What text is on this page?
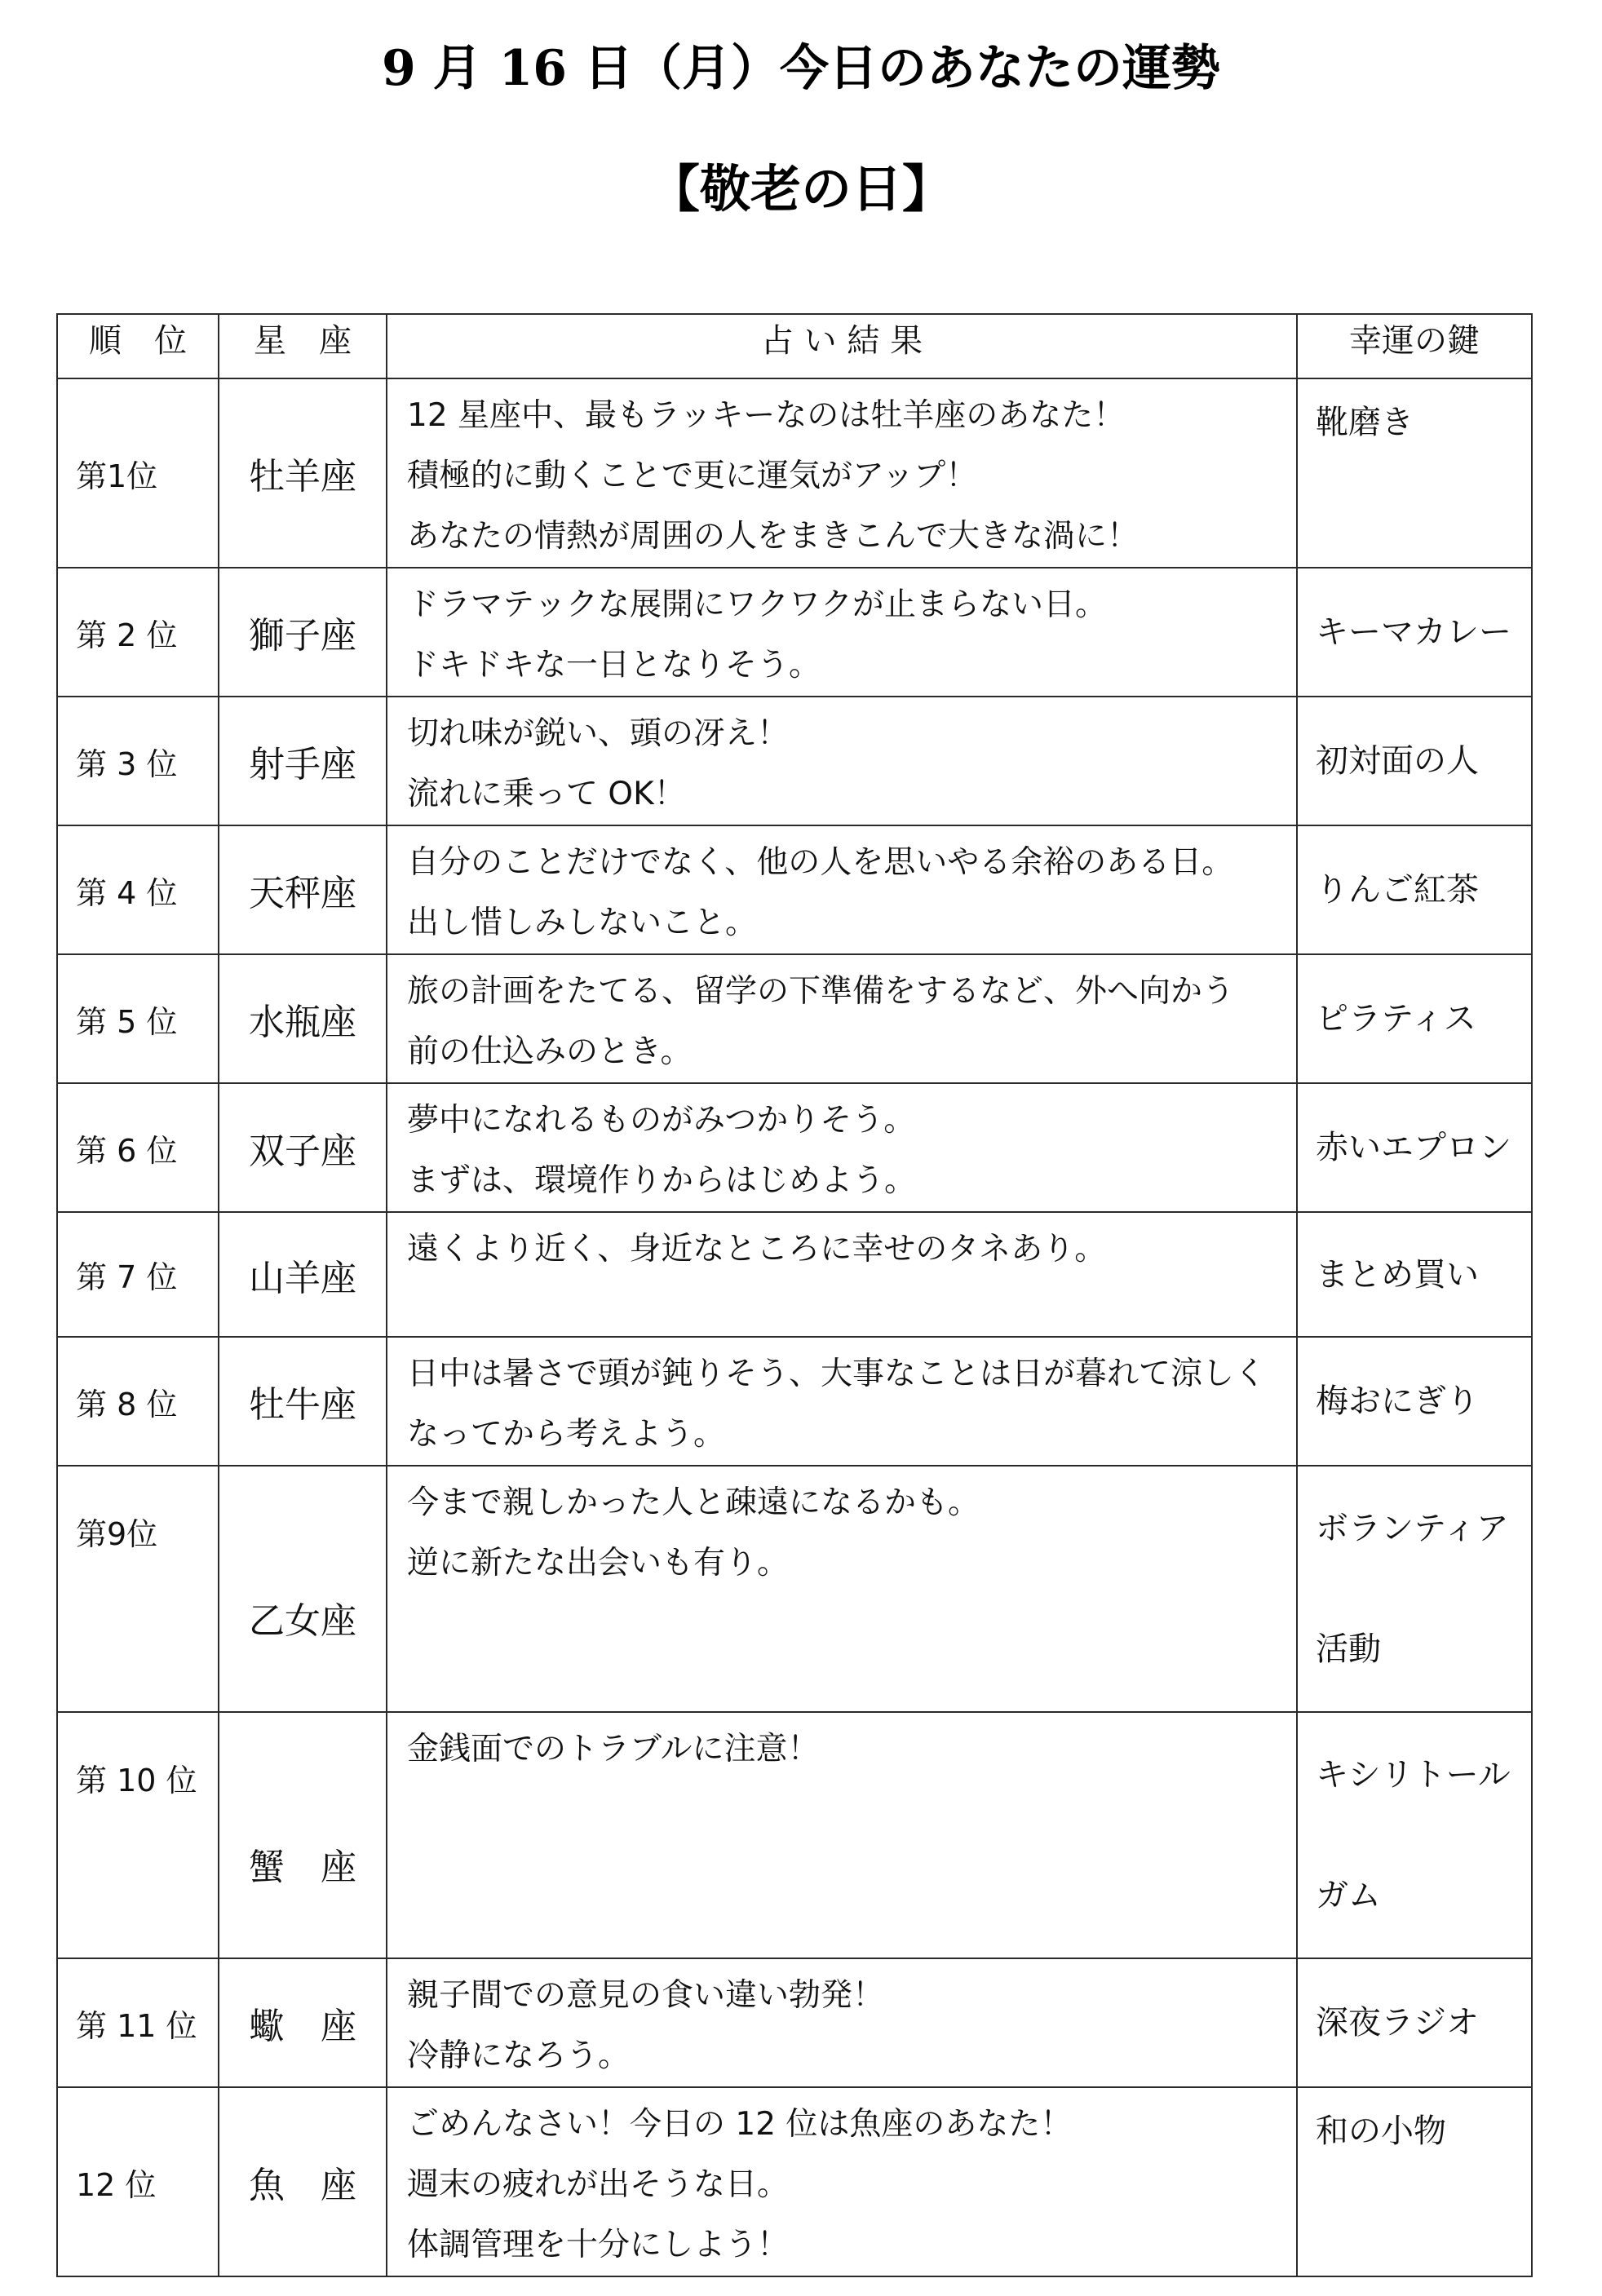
9 月 16 日（月）今日のあなたの運勢
【敬老の日】
順　位	星　座	占 い 結 果	幸運の鍵
第1位	牡羊座	12 星座中、最もラッキーなのは牡羊座のあなた！
積極的に動くことで更に運気がアップ！
あなたの情熱が周囲の人をまきこんで大きな渦に！	靴磨き

第 2 位	獅子座	ドラマテックな展開にワクワクが止まらない日。
ドキドキな一日となりそう。	キーマカレー

第 3 位	射手座	切れ味が鋭い、頭の冴え！
流れに乗って OK！	初対面の人

第 4 位	天秤座	自分のことだけでなく、他の人を思いやる余裕のある日。
出し惜しみしないこと。	りんご紅茶

第 5 位	水瓶座	旅の計画をたてる、留学の下準備をするなど、外へ向かう
前の仕込みのとき。	ピラティス

第 6 位	双子座	夢中になれるものがみつかりそう。
まずは、環境作りからはじめよう。	赤いエプロン

第 7 位	山羊座	遠くより近く、身近なところに幸せのタネあり。	まとめ買い

第 8 位	牡牛座	日中は暑さで頭が鈍りそう、大事なことは日が暮れて涼しく
なってから考えよう。	梅おにぎり

第9位	乙女座	今まで親しかった人と疎遠になるかも。
逆に新たな出会いも有り。	ボランティア
活動

第 10 位	蟹　座	金銭面でのトラブルに注意！	キシリトール
ガム

第 11 位	蠍　座	親子間での意見の食い違い勃発！
冷静になろう。	深夜ラジオ

12 位	魚　座	ごめんなさい！今日の 12 位は魚座のあなた！
週末の疲れが出そうな日。
体調管理を十分にしよう！	和の小物
